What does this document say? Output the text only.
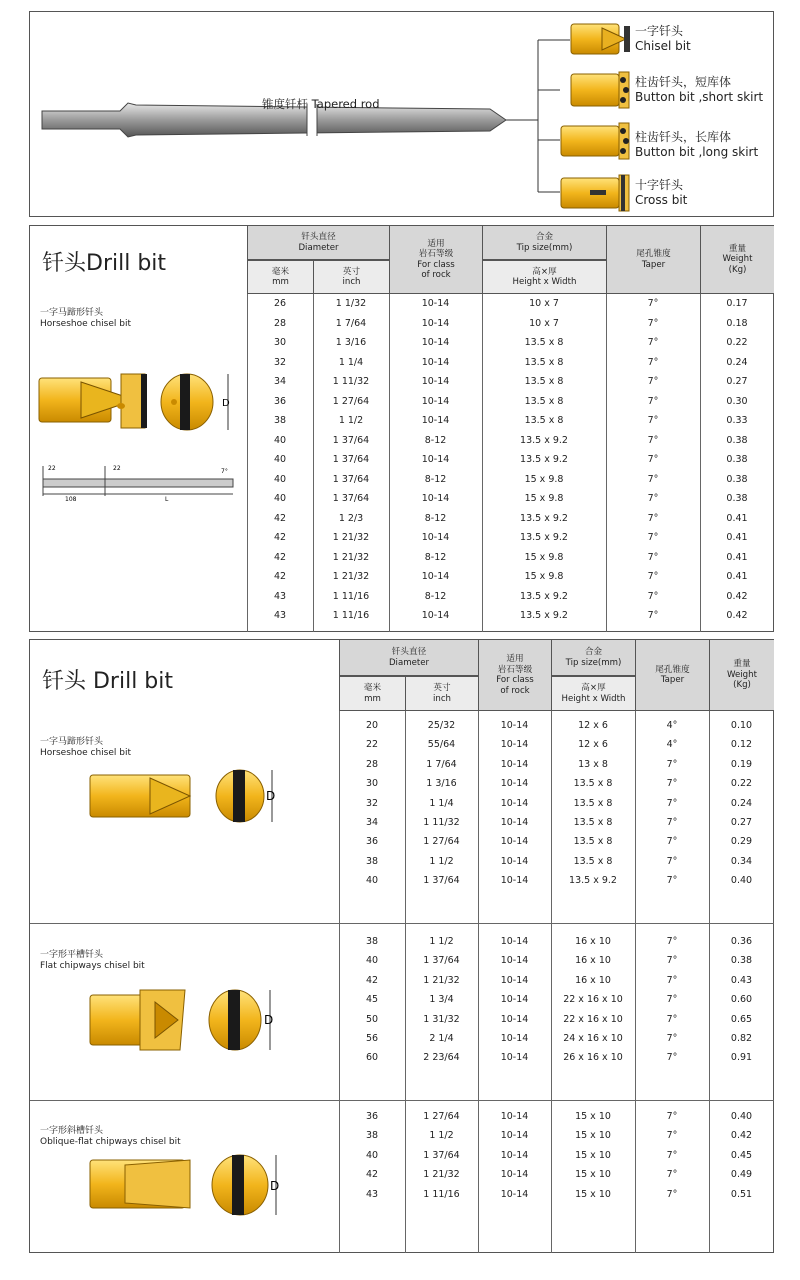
锥度钎杆 Tapered rod
一字钎头
Chisel bit
柱齿钎头，短库体
Button bit ,short skirt
柱齿钎头，长库体
Button bit ,long skirt
十字钎头
Cross bit
钎头Drill bit
一字马蹄形钎头
Horseshoe chisel bit
D
22	22	7°
108	L
钎头直径
Diameter
毫米
mm
英寸
inch
适用
岩石等级
For class
of rock
合金
Tip size(mm)
高×厚
Height x Width
尾孔锥度
Taper
重量
Weight
(Kg)
26	1 1/32	10-14	10 x 7	7°	0.17
28	1 7/64	10-14	10 x 7	7°	0.18
30	1 3/16	10-14	13.5 x 8	7°	0.22
32	1 1/4	10-14	13.5 x 8	7°	0.24
34	1 11/32	10-14	13.5 x 8	7°	0.27
36	1 27/64	10-14	13.5 x 8	7°	0.30
38	1 1/2	10-14	13.5 x 8	7°	0.33
40	1 37/64	8-12	13.5 x 9.2	7°	0.38
40	1 37/64	10-14	13.5 x 9.2	7°	0.38
40	1 37/64	8-12	15 x 9.8	7°	0.38
40	1 37/64	10-14	15 x 9.8	7°	0.38
42	1 2/3	8-12	13.5 x 9.2	7°	0.41
42	1 21/32	10-14	13.5 x 9.2	7°	0.41
42	1 21/32	8-12	15 x 9.8	7°	0.41
42	1 21/32	10-14	15 x 9.8	7°	0.41
43	1 11/16	8-12	13.5 x 9.2	7°	0.42
43	1 11/16	10-14	13.5 x 9.2	7°	0.42
钎头 Drill bit
一字马蹄形钎头
Horseshoe chisel bit
一字形平槽钎头
Flat chipways chisel bit
一字形斜槽钎头
Oblique-flat chipways chisel bit
D
D
D
钎头直径
Diameter
毫米
mm
英寸
inch
适用
岩石等级
For class
of rock
合金
Tip size(mm)
高×厚
Height x Width
尾孔锥度
Taper
重量
Weight
(Kg)
20	25/32	10-14	12 x 6	4°	0.10
22	55/64	10-14	12 x 6	4°	0.12
28	1 7/64	10-14	13 x 8	7°	0.19
30	1 3/16	10-14	13.5 x 8	7°	0.22
32	1 1/4	10-14	13.5 x 8	7°	0.24
34	1 11/32	10-14	13.5 x 8	7°	0.27
36	1 27/64	10-14	13.5 x 8	7°	0.29
38	1 1/2	10-14	13.5 x 8	7°	0.34
40	1 37/64	10-14	13.5 x 9.2	7°	0.40
38	1 1/2	10-14	16 x 10	7°	0.36
40	1 37/64	10-14	16 x 10	7°	0.38
42	1 21/32	10-14	16 x 10	7°	0.43
45	1 3/4	10-14	22 x 16 x 10	7°	0.60
50	1 31/32	10-14	22 x 16 x 10	7°	0.65
56	2 1/4	10-14	24 x 16 x 10	7°	0.82
60	2 23/64	10-14	26 x 16 x 10	7°	0.91
36	1 27/64	10-14	15 x 10	7°	0.40
38	1 1/2	10-14	15 x 10	7°	0.42
40	1 37/64	10-14	15 x 10	7°	0.45
42	1 21/32	10-14	15 x 10	7°	0.49
43	1 11/16	10-14	15 x 10	7°	0.51
